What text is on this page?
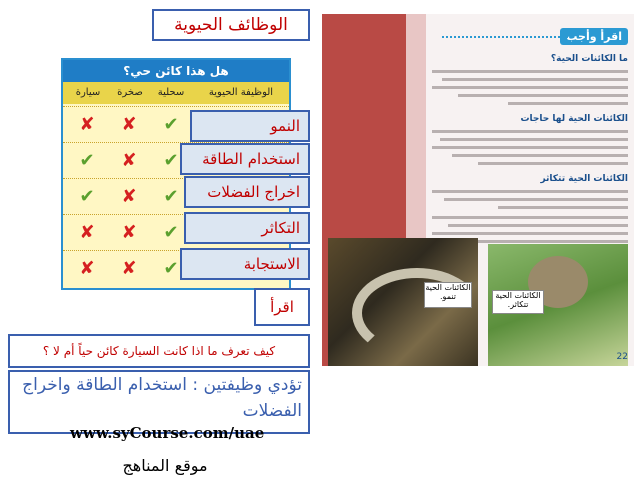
الوظائف الحيوية
هل هذا كائن حي؟
الوظيفة الحيوية
سحلية
صخرة
سيارة
✔
✘
✘
✔
✘
✔
✔
✘
✔
✔
✘
✘
✔
✘
✘
النمو
استخدام الطاقة
اخراج الفضلات
التكاثر
الاستجابة
اقرأ
كيف تعرف ما اذا كانت السيارة كائن حياً أم لا ؟
تؤدي وظيفتين : استخدام الطاقة واخراج الفضلات
www.syCourse.com/uae
موقع المناهج
اقرأ وأجب
ما الكائنات الحية؟
الكائنات الحية لها حاجات
الكائنات الحية تتكاثر
الكائنات الحية تنمو.	الكائنات الحية تتكاثر.
22
